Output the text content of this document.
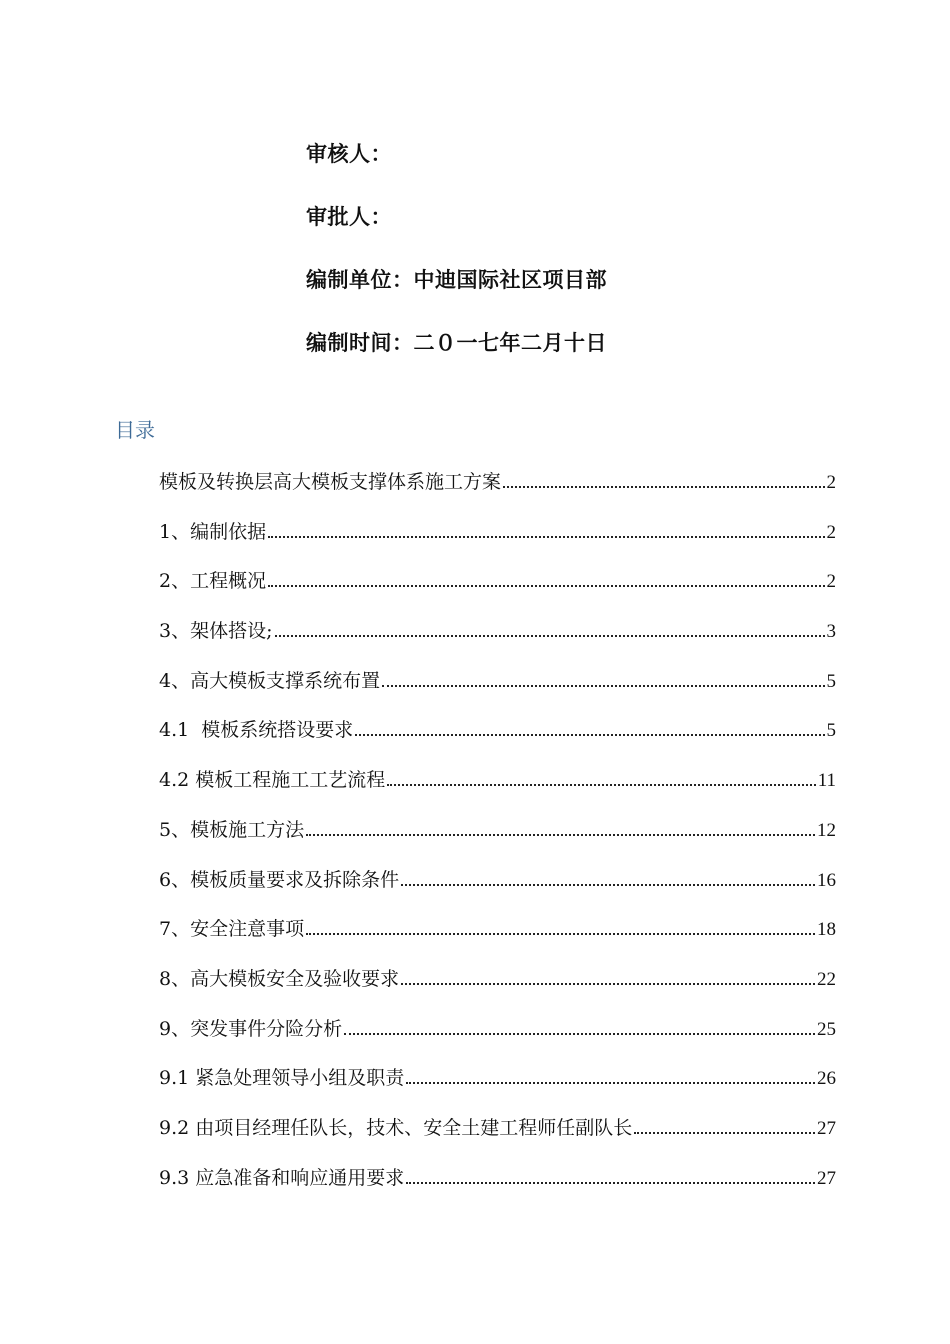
审核人：
审批人：
编制单位：中迪国际社区项目部
编制时间：二０一七年二月十日
目录
模板及转换层高大模板支撑体系施工方案	2
1、编制依据	2
2、工程概况	2
3、架体搭设;	3
4、高大模板支撑系统布置	5
4.1  模板系统搭设要求	5
4.2 模板工程施工工艺流程	11
5、模板施工方法	12
6、模板质量要求及拆除条件	16
7、安全注意事项	18
8、高大模板安全及验收要求	22
9、突发事件分险分析	25
9.1 紧急处理领导小组及职责	26
9.2 由项目经理任队长，技术、安全土建工程师任副队长	27
9.3 应急准备和响应通用要求	27
